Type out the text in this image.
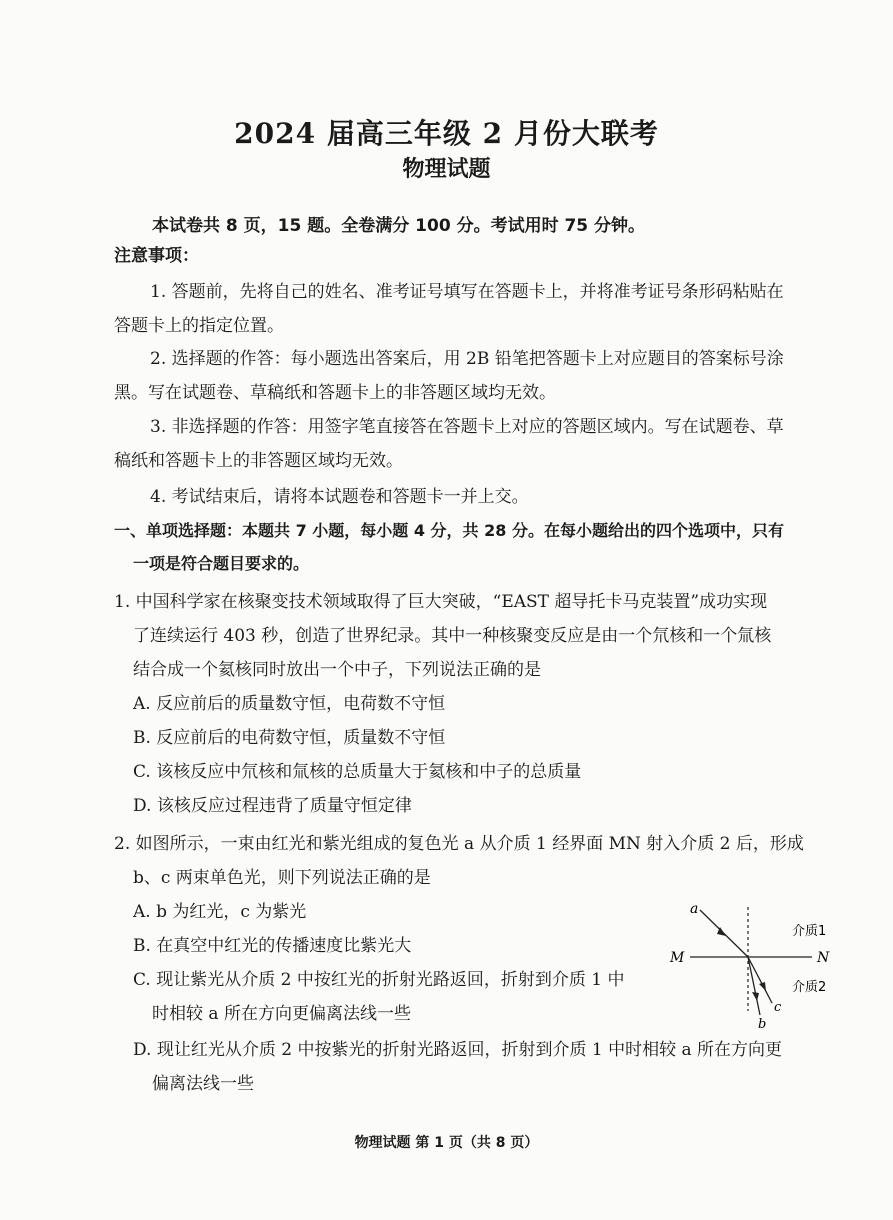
2024 届高三年级 2 月份大联考
物理试题
本试卷共 8 页，15 题。全卷满分 100 分。考试用时 75 分钟。
注意事项：
1. 答题前，先将自己的姓名、准考证号填写在答题卡上，并将准考证号条形码粘贴在
答题卡上的指定位置。
2. 选择题的作答：每小题选出答案后，用 2B 铅笔把答题卡上对应题目的答案标号涂
黑。写在试题卷、草稿纸和答题卡上的非答题区域均无效。
3. 非选择题的作答：用签字笔直接答在答题卡上对应的答题区域内。写在试题卷、草
稿纸和答题卡上的非答题区域均无效。
4. 考试结束后，请将本试题卷和答题卡一并上交。
一、单项选择题：本题共 7 小题，每小题 4 分，共 28 分。在每小题给出的四个选项中，只有
一项是符合题目要求的。
1. 中国科学家在核聚变技术领域取得了巨大突破，“EAST 超导托卡马克装置”成功实现
了连续运行 403 秒，创造了世界纪录。其中一种核聚变反应是由一个氘核和一个氚核
结合成一个氦核同时放出一个中子，下列说法正确的是
A. 反应前后的质量数守恒，电荷数不守恒
B. 反应前后的电荷数守恒，质量数不守恒
C. 该核反应中氘核和氚核的总质量大于氦核和中子的总质量
D. 该核反应过程违背了质量守恒定律
2. 如图所示，一束由红光和紫光组成的复色光 a 从介质 1 经界面 MN 射入介质 2 后，形成
b、c 两束单色光，则下列说法正确的是
A. b 为红光，c 为紫光
B. 在真空中红光的传播速度比紫光大
C. 现让紫光从介质 2 中按红光的折射光路返回，折射到介质 1 中
时相较 a 所在方向更偏离法线一些
D. 现让红光从介质 2 中按紫光的折射光路返回，折射到介质 1 中时相较 a 所在方向更
偏离法线一些
a
M	N
介质1
介质2
c
b
物理试题 第 1 页（共 8 页）
